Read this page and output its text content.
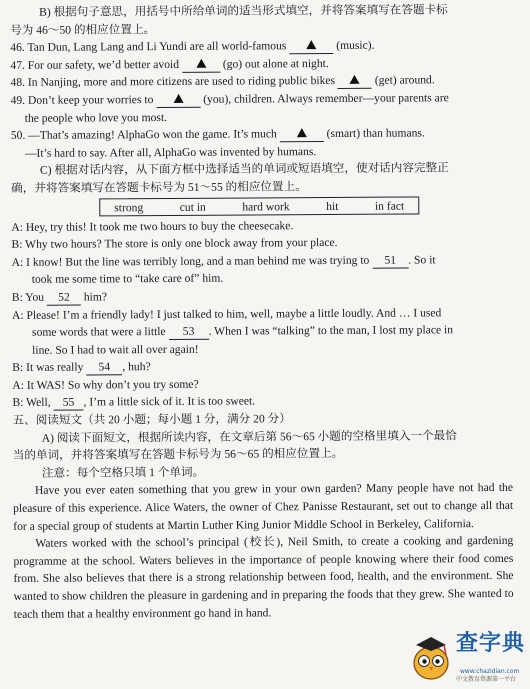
B) 根据句子意思，用括号中所给单词的适当形式填空，并将答案填写在答题卡标
号为 46～50 的相应位置上。
46. Tan Dun, Lang Lang and Li Yundi are all world-famous	(music).
47. For our safety, we’d better avoid	(go) out alone at night.
48. In Nanjing, more and more citizens are used to riding public bikes	(get) around.
49. Don’t keep your worries to	(you), children. Always remember—your parents are
the people who love you most.
50. —That’s amazing! AlphaGo won the game. It’s much	(smart) than humans.
—It’s hard to say. After all, AlphaGo was invented by humans.
C) 根据对话内容，从下面方框中选择适当的单词或短语填空，使对话内容完整正
确，并将答案填写在答题卡标号为 51～55 的相应位置上。
strong	cut in	hard work	hit	in fact
A: Hey, try this! It took me two hours to buy the cheesecake.
B: Why two hours? The store is only one block away from your place.
A: I know! But the line was terribly long, and a man behind me was trying to 51 . So it
took me some time to “take care of” him.
B: You 52 him?
A: Please! I’m a friendly lady! I just talked to him, well, maybe a little loudly. And … I used
some words that were a little 53 . When I was “talking” to the man, I lost my place in
line. So I had to wait all over again!
B: It was really 54 , huh?
A: It WAS! So why don’t you try some?
B: Well, 55 , I’m a little sick of it. It is too sweet.
五、阅读短文（共 20 小题；每小题 1 分，满分 20 分）
A) 阅读下面短文，根据所读内容，在文章后第 56～65 小题的空格里填入一个最恰
当的单词，并将答案填写在答题卡标号为 56～65 的相应位置上。
注意：每个空格只填 1 个单词。
Have you ever eaten something that you grew in your own garden? Many people have not had the pleasure of this experience. Alice Waters, the owner of Chez Panisse Restaurant, set out to change all that for a special group of students at Martin Luther King Junior Middle School in Berkeley, California.
Waters worked with the school’s principal (校长), Neil Smith, to create a cooking and gardening programme at the school. Waters believes in the importance of people knowing where their food comes from. She also believes that there is a strong relationship between food, health, and the environment. She wanted to show children the pleasure in gardening and in preparing the foods that they grew. She wanted to teach them that a healthy environment go hand in hand.
查字典
www.chazidian.com
中文教育资源第一平台
